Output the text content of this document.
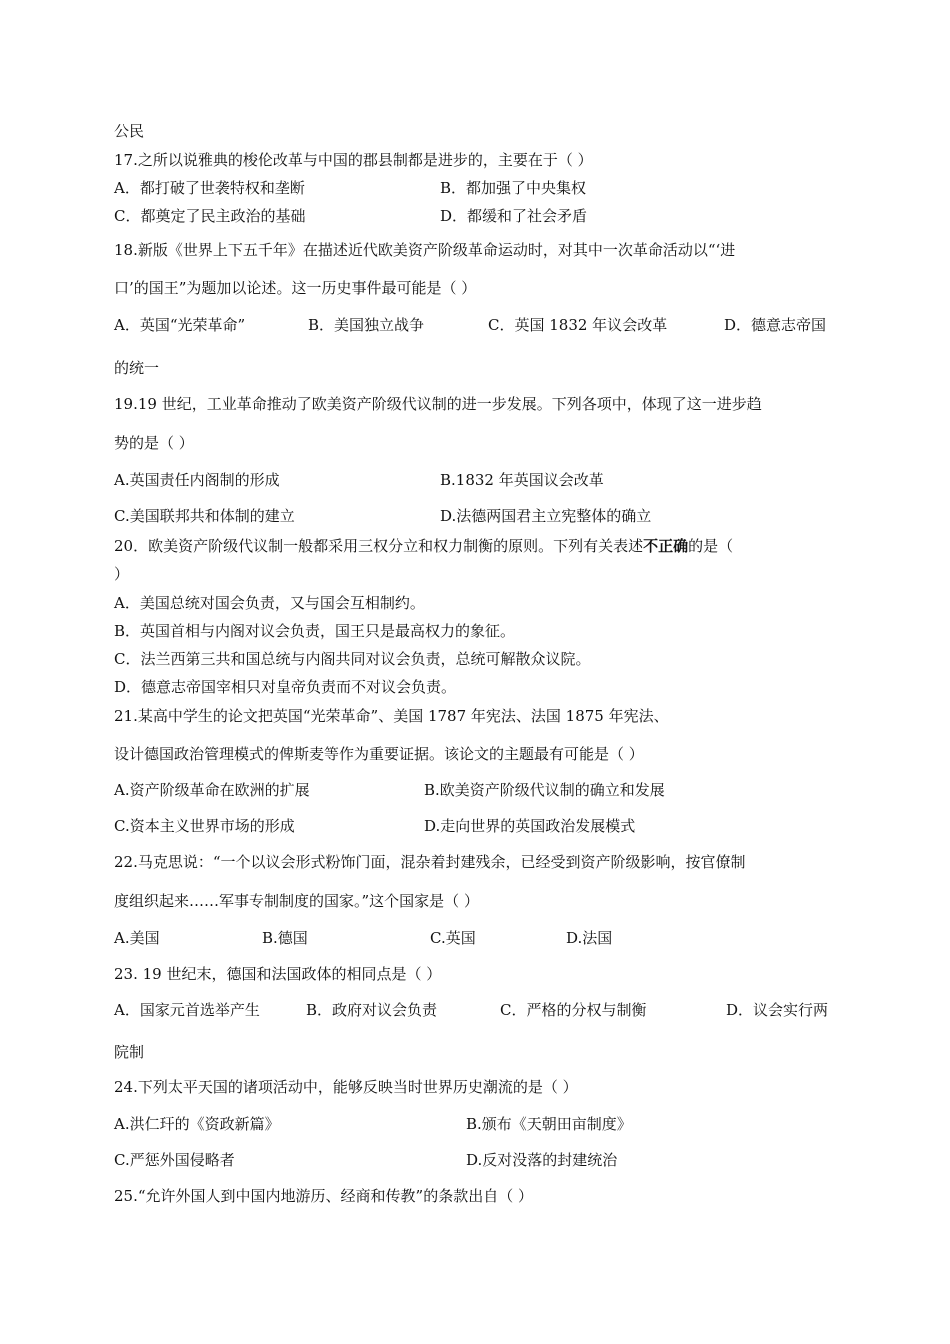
公民
17.之所以说雅典的梭伦改革与中国的郡县制都是进步的，主要在于（ ）
A．都打破了世袭特权和垄断	B．都加强了中央集权
C．都奠定了民主政治的基础	D．都缓和了社会矛盾
18.新版《世界上下五千年》在描述近代欧美资产阶级革命运动时，对其中一次革命活动以“‘进
口’的国王”为题加以论述。这一历史事件最可能是（ ）
A．英国“光荣革命”	B．美国独立战争	C．英国 1832 年议会改革	D．德意志帝国
的统一
19.19 世纪，工业革命推动了欧美资产阶级代议制的进一步发展。下列各项中，体现了这一进步趋
势的是（ ）
A.英国责任内阁制的形成	B.1832 年英国议会改革
C.美国联邦共和体制的建立	D.法德两国君主立宪整体的确立
20．欧美资产阶级代议制一般都采用三权分立和权力制衡的原则。下列有关表述不正确的是（
）
A．美国总统对国会负责，又与国会互相制约。
B．英国首相与内阁对议会负责，国王只是最高权力的象征。
C．法兰西第三共和国总统与内阁共同对议会负责，总统可解散众议院。
D．德意志帝国宰相只对皇帝负责而不对议会负责。
21.某高中学生的论文把英国“光荣革命”、美国 1787 年宪法、法国 1875 年宪法、
设计德国政治管理模式的俾斯麦等作为重要证据。该论文的主题最有可能是（ ）
A.资产阶级革命在欧洲的扩展	B.欧美资产阶级代议制的确立和发展
C.资本主义世界市场的形成	D.走向世界的英国政治发展模式
22.马克思说：“一个以议会形式粉饰门面，混杂着封建残余，已经受到资产阶级影响，按官僚制
度组织起来……军事专制制度的国家。”这个国家是（ ）
A.美国	B.德国	C.英国	D.法国
23. 19 世纪末，德国和法国政体的相同点是（ ）
A．国家元首选举产生	B．政府对议会负责	C．严格的分权与制衡	D．议会实行两
院制
24.下列太平天国的诸项活动中，能够反映当时世界历史潮流的是（ ）
A.洪仁玕的《资政新篇》	B.颁布《天朝田亩制度》
C.严惩外国侵略者	D.反对没落的封建统治
25.“允许外国人到中国内地游历、经商和传教”的条款出自（ ）
